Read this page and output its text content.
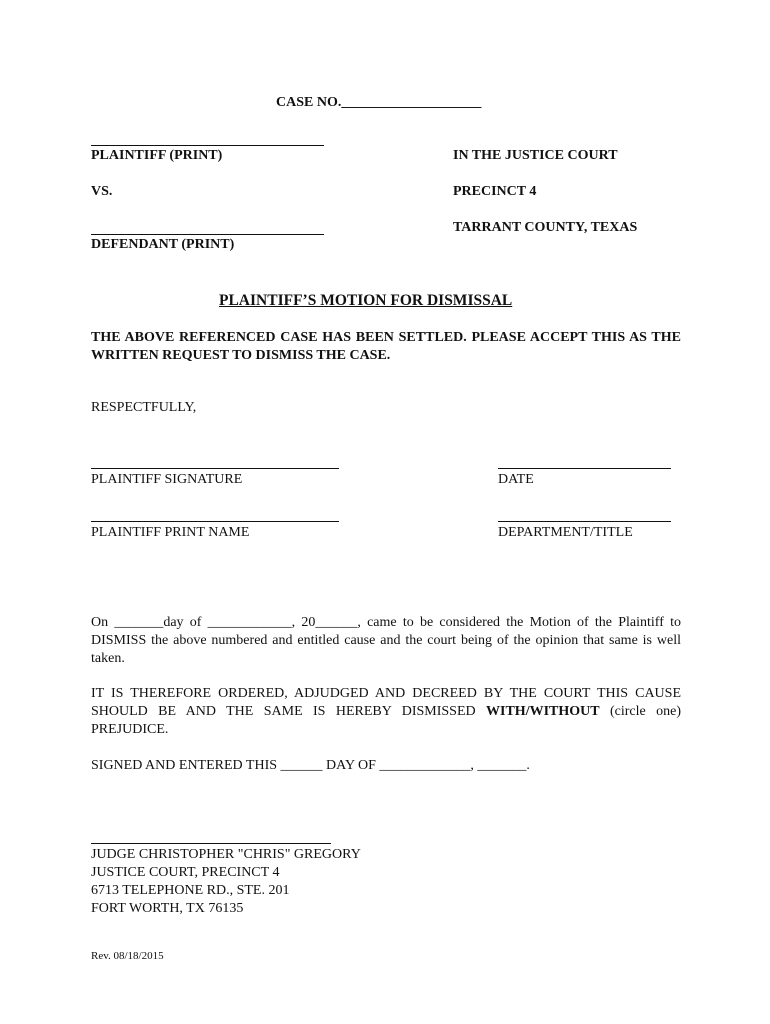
CASE NO.____________________
PLAINTIFF (PRINT)
VS.
DEFENDANT (PRINT)
IN THE JUSTICE COURT
PRECINCT 4
TARRANT COUNTY, TEXAS
PLAINTIFF’S MOTION FOR DISMISSAL
THE ABOVE REFERENCED CASE HAS BEEN SETTLED. PLEASE ACCEPT THIS AS THE WRITTEN REQUEST TO DISMISS THE CASE.
RESPECTFULLY,
PLAINTIFF SIGNATURE	DATE
PLAINTIFF PRINT NAME	DEPARTMENT/TITLE
On _______day of ____________, 20______, came to be considered the Motion of the Plaintiff to DISMISS the above numbered and entitled cause and the court being of the opinion that same is well taken.
IT IS THEREFORE ORDERED, ADJUDGED AND DECREED BY THE COURT THIS CAUSE SHOULD BE AND THE SAME IS HEREBY DISMISSED WITH/WITHOUT (circle one) PREJUDICE.
SIGNED AND ENTERED THIS ______ DAY OF _____________, _______.
JUDGE CHRISTOPHER "CHRIS" GREGORY
JUSTICE COURT, PRECINCT 4
6713 TELEPHONE RD., STE. 201
FORT WORTH, TX 76135
Rev. 08/18/2015
